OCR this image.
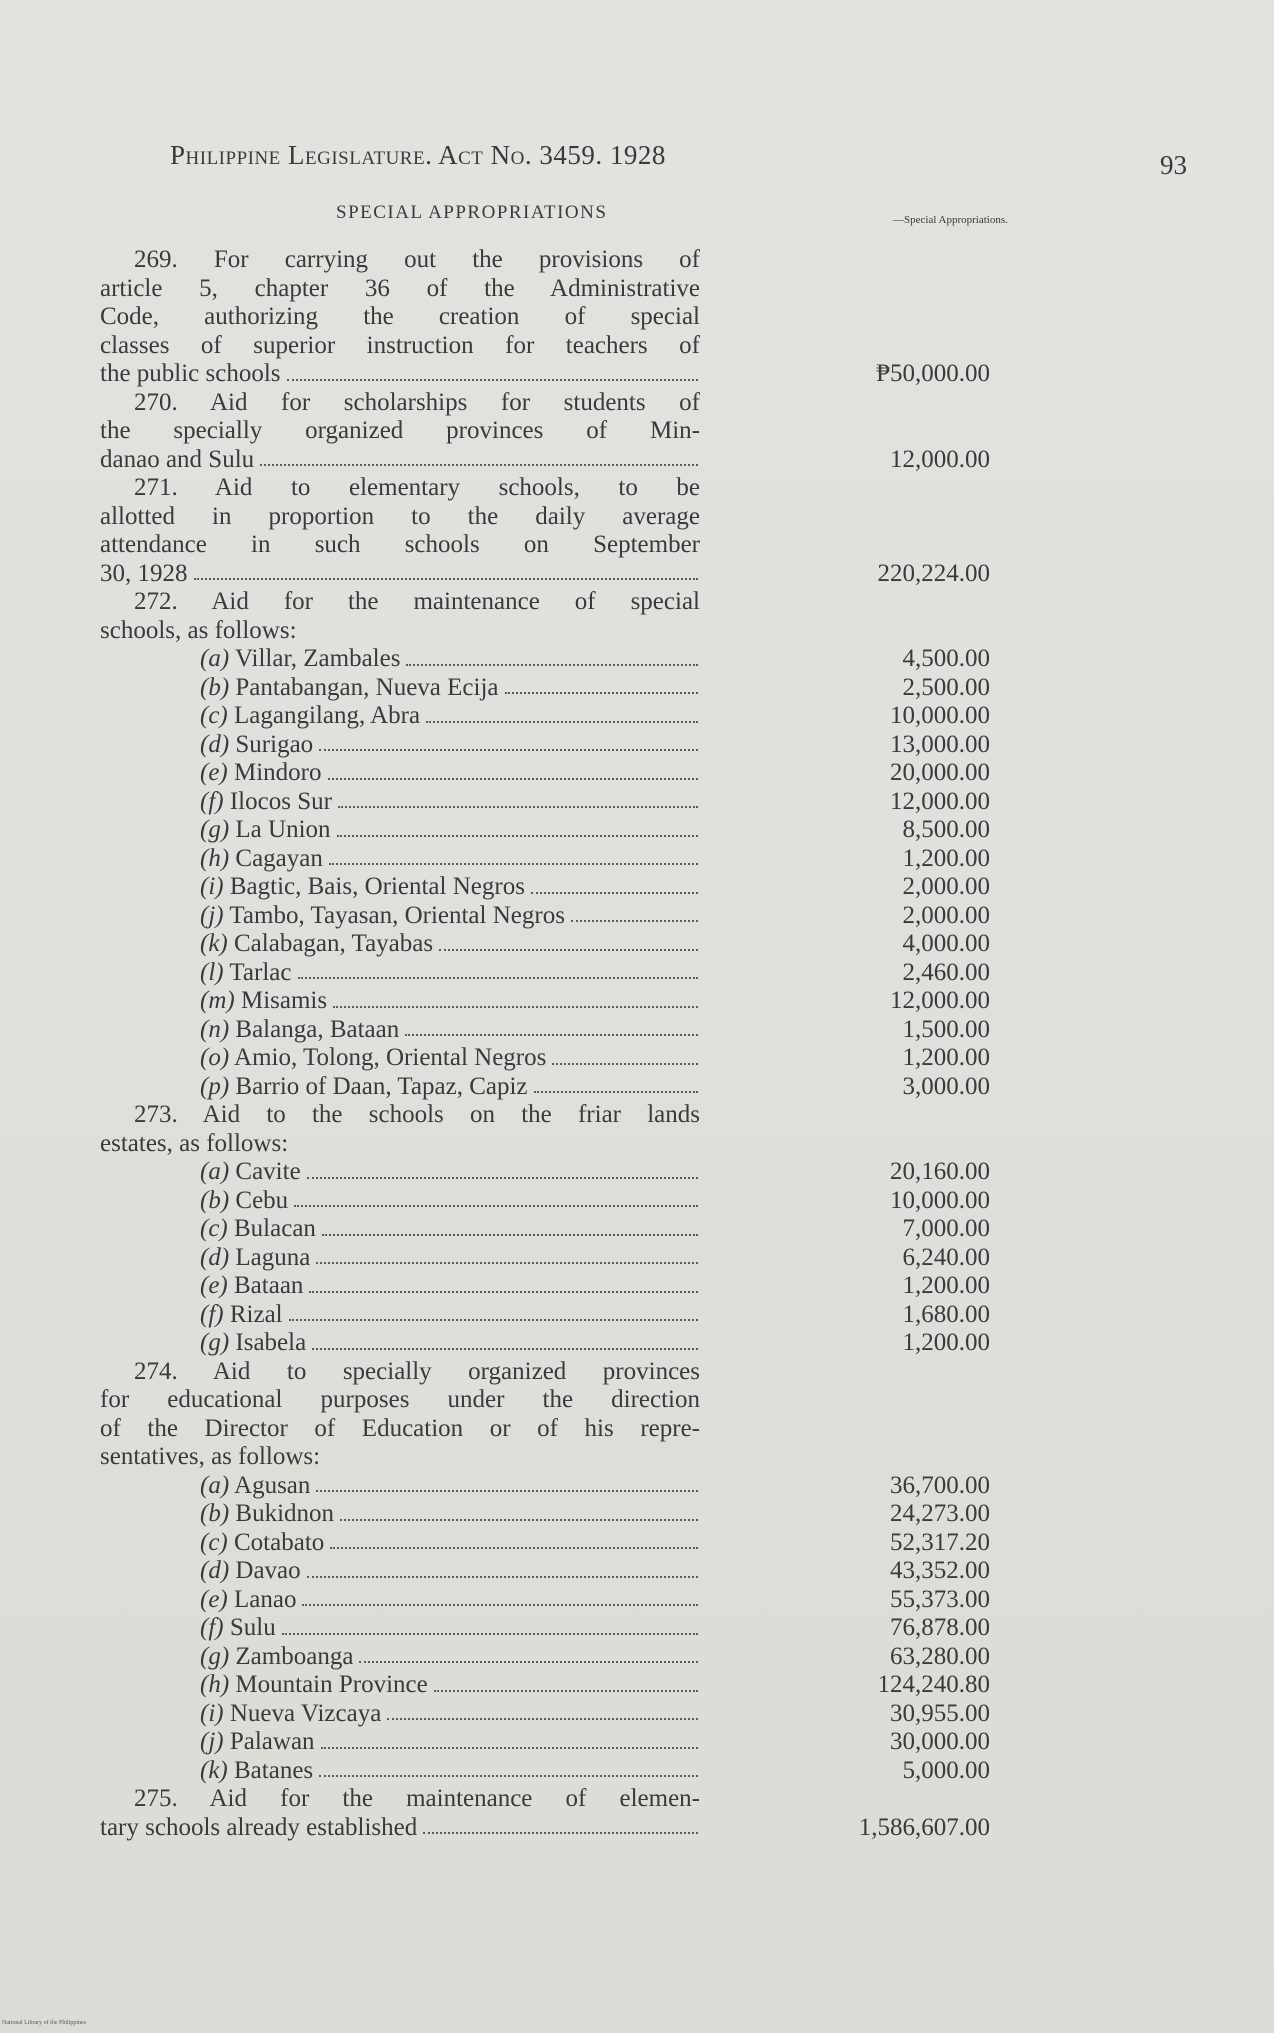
Philippine Legislature. Act No. 3459. 1928	93
SPECIAL APPROPRIATIONS	—Special Appropriations.
269. For carrying out the provisions of
article 5, chapter 36 of the Administrative
Code, authorizing the creation of special
classes of superior instruction for teachers of
the public schools	₱50,000.00
270. Aid for scholarships for students of
the specially organized provinces of Min-
danao and Sulu	12,000.00
271. Aid to elementary schools, to be
allotted in proportion to the daily average
attendance in such schools on September
30, 1928	220,224.00
272. Aid for the maintenance of special
schools, as follows:
(a) Villar, Zambales	4,500.00
(b) Pantabangan, Nueva Ecija	2,500.00
(c) Lagangilang, Abra	10,000.00
(d) Surigao	13,000.00
(e) Mindoro	20,000.00
(f) Ilocos Sur	12,000.00
(g) La Union	8,500.00
(h) Cagayan	1,200.00
(i) Bagtic, Bais, Oriental Negros	2,000.00
(j) Tambo, Tayasan, Oriental Negros	2,000.00
(k) Calabagan, Tayabas	4,000.00
(l) Tarlac	2,460.00
(m) Misamis	12,000.00
(n) Balanga, Bataan	1,500.00
(o) Amio, Tolong, Oriental Negros	1,200.00
(p) Barrio of Daan, Tapaz, Capiz	3,000.00
273. Aid to the schools on the friar lands
estates, as follows:
(a) Cavite	20,160.00
(b) Cebu	10,000.00
(c) Bulacan	7,000.00
(d) Laguna	6,240.00
(e) Bataan	1,200.00
(f) Rizal	1,680.00
(g) Isabela	1,200.00
274. Aid to specially organized provinces
for educational purposes under the direction
of the Director of Education or of his repre-
sentatives, as follows:
(a) Agusan	36,700.00
(b) Bukidnon	24,273.00
(c) Cotabato	52,317.20
(d) Davao	43,352.00
(e) Lanao	55,373.00
(f) Sulu	76,878.00
(g) Zamboanga	63,280.00
(h) Mountain Province	124,240.80
(i) Nueva Vizcaya	30,955.00
(j) Palawan	30,000.00
(k) Batanes	5,000.00
275. Aid for the maintenance of elemen-
tary schools already established	1,586,607.00
National Library of the Philippines
